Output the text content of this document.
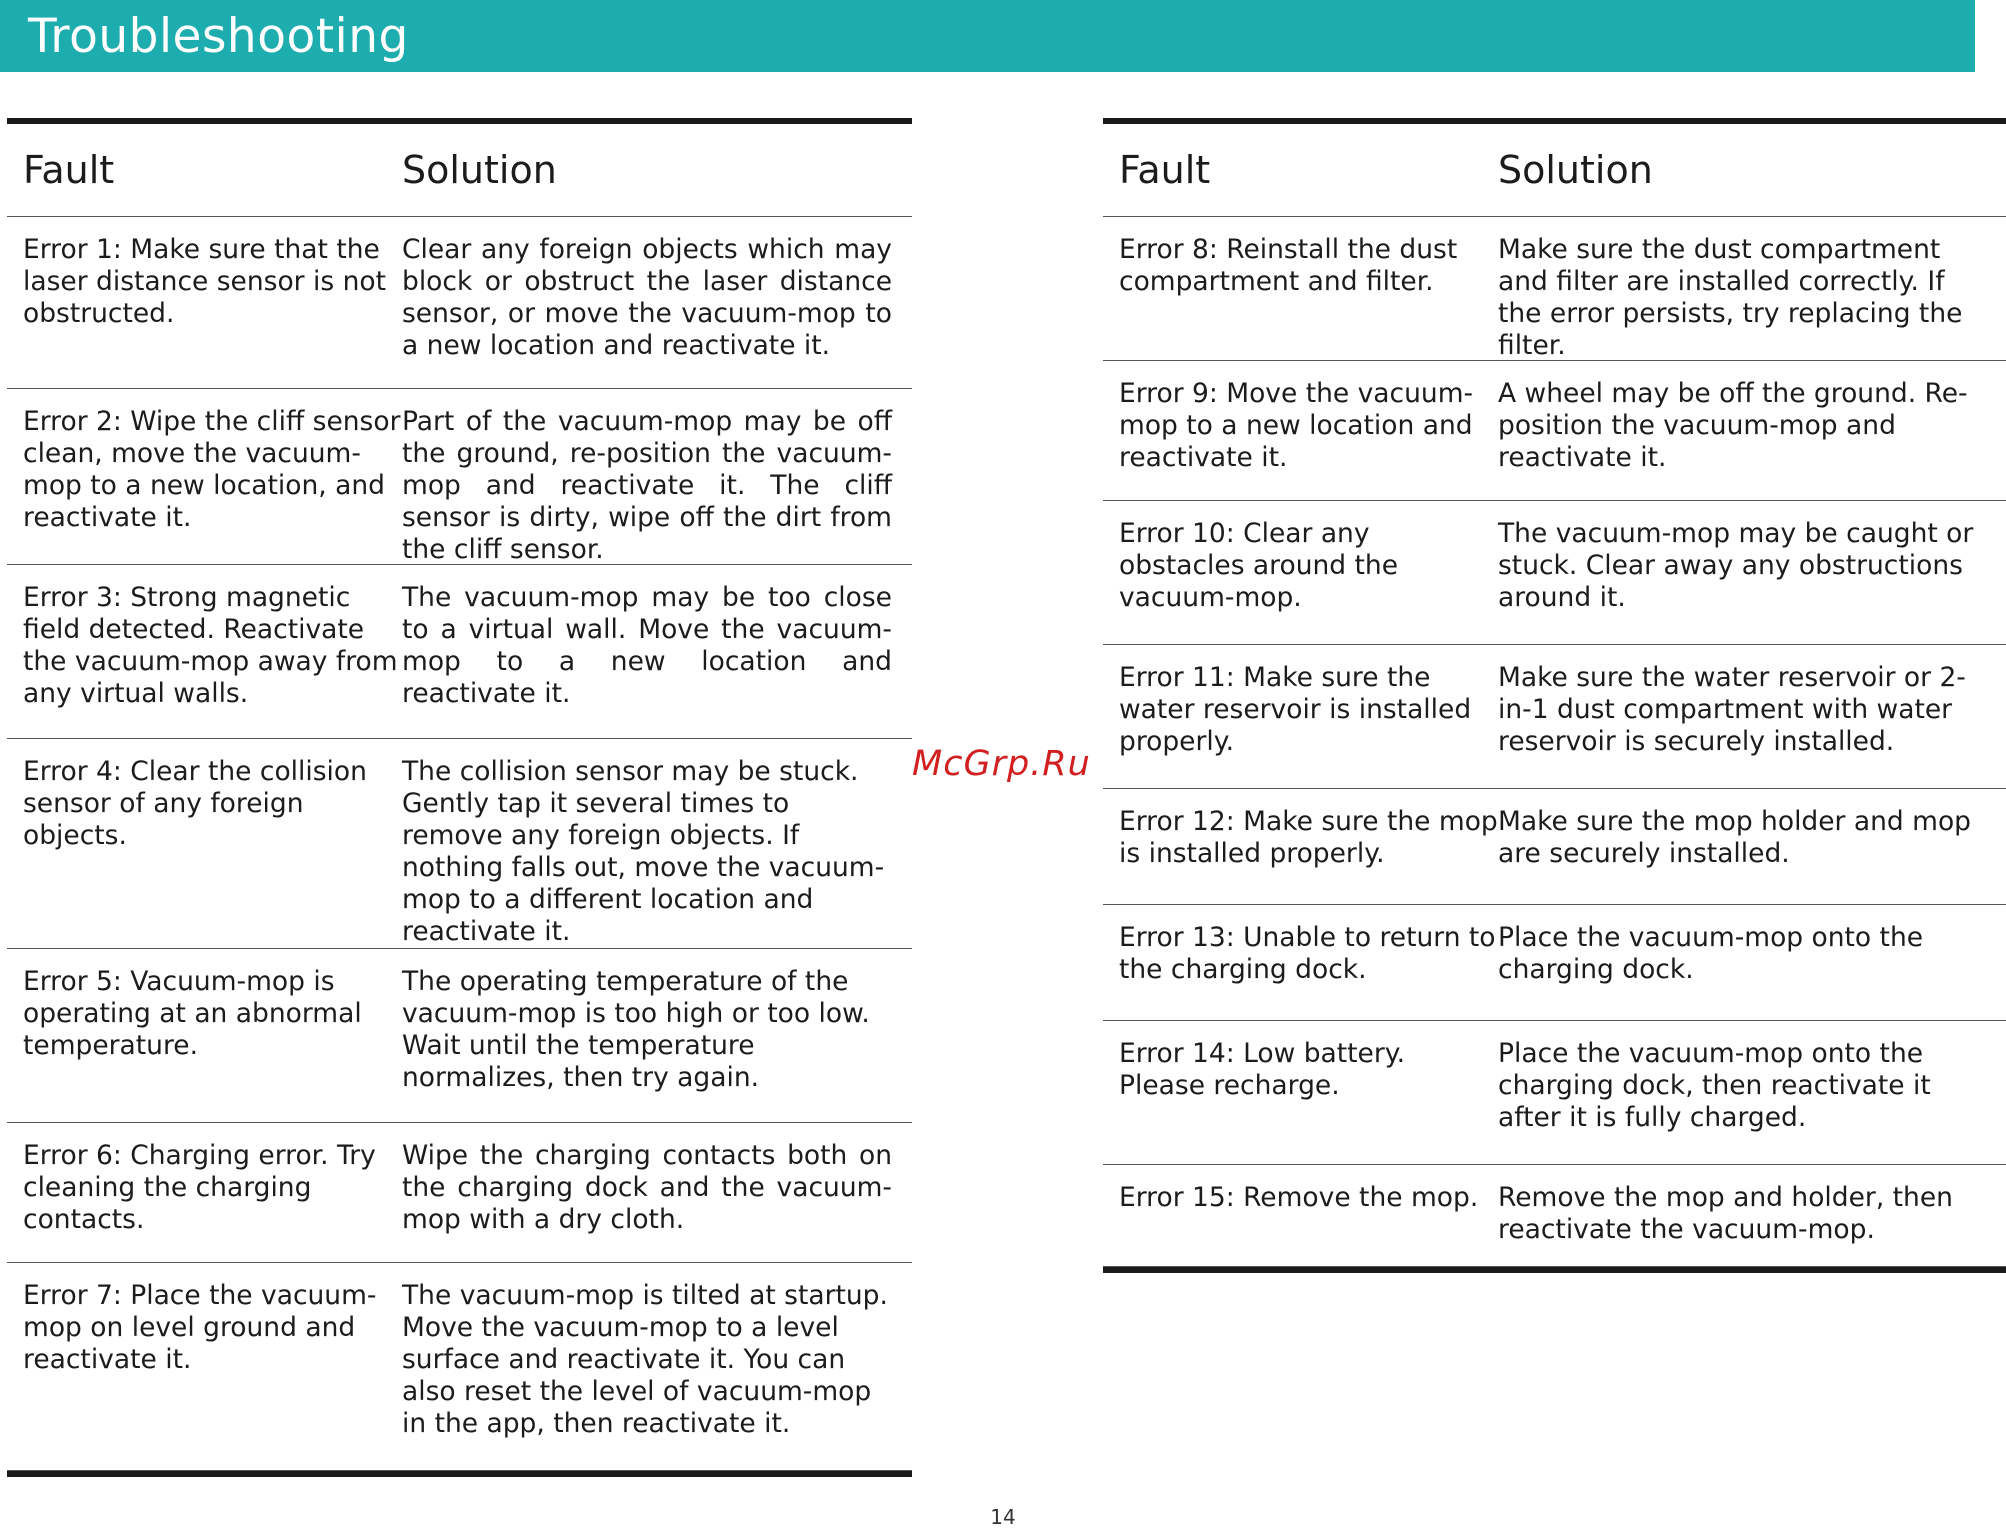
Troubleshooting
Fault	Solution
Error 1: Make sure that the laser distance sensor is not obstructed.
Clear any foreign objects which may block or obstruct the laser distance sensor, or move the vacuum-mop to a new location and reactivate it.
Error 2: Wipe the cliff sensor clean, move the vacuum-mop to a new location, and reactivate it.
Part of the vacuum-mop may be off the ground, re-position the vacuum-mop and reactivate it. The cliff sensor is dirty, wipe off the dirt from the cliff sensor.
Error 3: Strong magnetic field detected. Reactivate the vacuum-mop away from any virtual walls.
The vacuum-mop may be too close to a virtual wall. Move the vacuum-mop to a new location and reactivate it.
Error 4: Clear the collision sensor of any foreign objects.
The collision sensor may be stuck. Gently tap it several times to remove any foreign objects. If nothing falls out, move the vacuum-mop to a different location and reactivate it.
Error 5: Vacuum-mop is operating at an abnormal temperature.
The operating temperature of the vacuum-mop is too high or too low. Wait until the temperature normalizes, then try again.
Error 6: Charging error. Try cleaning the charging contacts.
Wipe the charging contacts both on the charging dock and the vacuum-mop with a dry cloth.
Error 7: Place the vacuum-mop on level ground and reactivate it.
The vacuum-mop is tilted at startup. Move the vacuum-mop to a level surface and reactivate it. You can also reset the level of vacuum-mop in the app, then reactivate it.
Fault	Solution
Error 8: Reinstall the dust compartment and filter.
Make sure the dust compartment and filter are installed correctly. If the error persists, try replacing the filter.
Error 9: Move the vacuum-mop to a new location and reactivate it.
A wheel may be off the ground. Re-position the vacuum-mop and reactivate it.
Error 10: Clear any obstacles around the vacuum-mop.
The vacuum-mop may be caught or stuck. Clear away any obstructions around it.
Error 11: Make sure the water reservoir is installed properly.
Make sure the water reservoir or 2-in-1 dust compartment with water reservoir is securely installed.
Error 12: Make sure the mop is installed properly.
Make sure the mop holder and mop are securely installed.
Error 13: Unable to return to the charging dock.
Place the vacuum-mop onto the charging dock.
Error 14: Low battery. Please recharge.
Place the vacuum-mop onto the charging dock, then reactivate it after it is fully charged.
Error 15: Remove the mop. Remove the mop and holder, then reactivate the vacuum-mop.
McGrp.Ru
14
